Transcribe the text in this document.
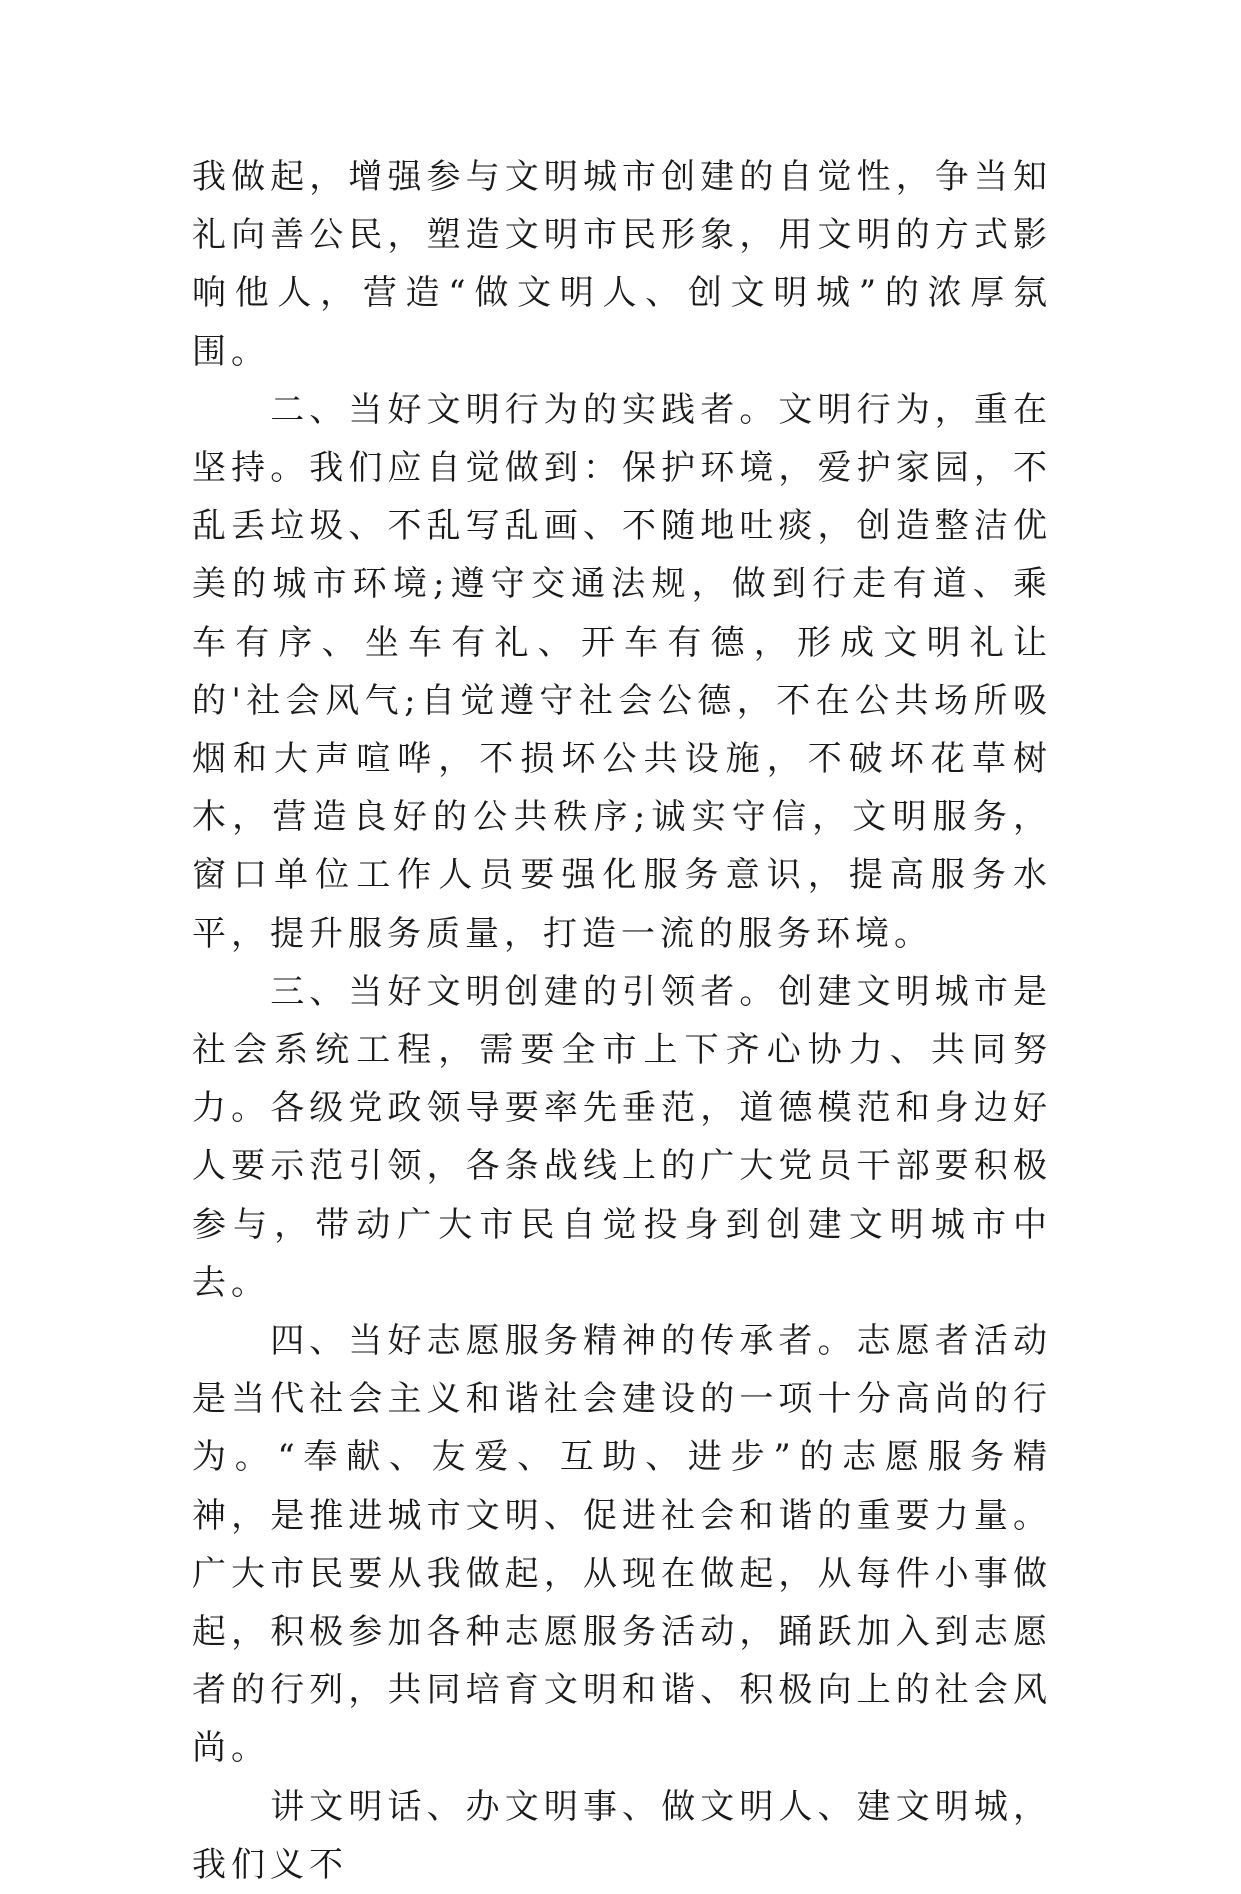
我做起，增强参与文明城市创建的自觉性，争当知礼向善公民，塑造文明市民形象，用文明的方式影响他人，营造“做文明人、创文明城”的浓厚氛围。

二、当好文明行为的实践者。文明行为，重在坚持。我们应自觉做到：保护环境，爱护家园，不乱丢垃圾、不乱写乱画、不随地吐痰，创造整洁优美的城市环境;遵守交通法规，做到行走有道、乘车有序、坐车有礼、开车有德，形成文明礼让的'社会风气;自觉遵守社会公德，不在公共场所吸烟和大声喧哗，不损坏公共设施，不破坏花草树木，营造良好的公共秩序;诚实守信，文明服务，窗口单位工作人员要强化服务意识，提高服务水平，提升服务质量，打造一流的服务环境。

三、当好文明创建的引领者。创建文明城市是社会系统工程，需要全市上下齐心协力、共同努力。各级党政领导要率先垂范，道德模范和身边好人要示范引领，各条战线上的广大党员干部要积极参与，带动广大市民自觉投身到创建文明城市中去。

四、当好志愿服务精神的传承者。志愿者活动是当代社会主义和谐社会建设的一项十分高尚的行为。“奉献、友爱、互助、进步”的志愿服务精神，是推进城市文明、促进社会和谐的重要力量。广大市民要从我做起，从现在做起，从每件小事做起，积极参加各种志愿服务活动，踊跃加入到志愿者的行列，共同培育文明和谐、积极向上的社会风尚。

讲文明话、办文明事、做文明人、建文明城，我们义不
